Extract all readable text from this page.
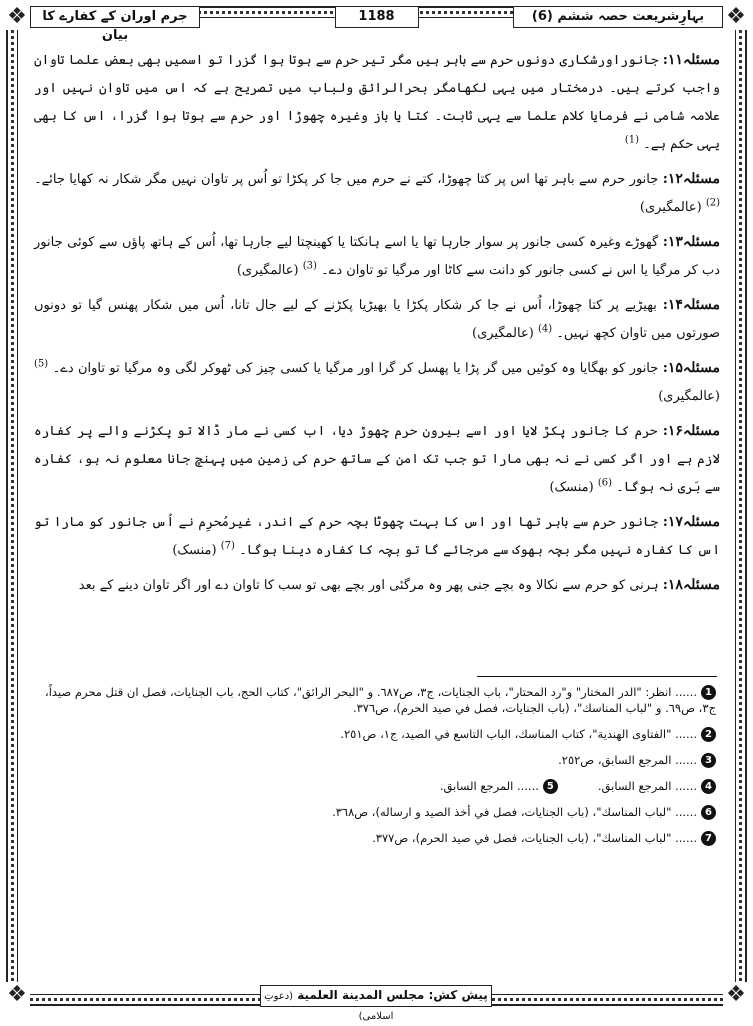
❖	❖
❖	❖
بہارِشریعت حصہ ششم (6)
1188
جرم اوران کے کفارے کا بیان

مسئلہ۱۱: جانوراورشکاری دونوں حرم سے باہر ہیں مگر تیر حرم سے ہوتا ہوا گزرا تو اسمیں بھی بعض علما تاوان واجب کرتے ہیں۔ درمختار میں یہی لکھامگر بحرالرائق ولباب میں تصریح ہے کہ اس میں تاوان نہیں اور علامہ شامی نے فرمایا کلام علما سے یہی ثابت۔ کتا یا باز وغیرہ چھوڑا اور حرم سے ہوتا ہوا گزرا، اس کا بھی یہی حکم ہے۔ $^{(1)}$

مسئلہ۱۲: جانور حرم سے باہر تھا اس پر کتا چھوڑا، کتے نے حرم میں جا کر پکڑا تو اُس پر تاوان نہیں مگر شکار نہ کھایا جائے۔ $^{(2)}$ (عالمگیری)

مسئلہ۱۳: گھوڑے وغیرہ کسی جانور پر سوار جارہا تھا یا اسے ہانکتا یا کھینچتا لیے جارہا تھا، اُس کے ہاتھ پاؤں سے کوئی جانور دب کر مرگیا یا اس نے کسی جانور کو دانت سے کاٹا اور مرگیا تو تاوان دے۔ $^{(3)}$ (عالمگیری)

مسئلہ۱۴: بھیڑیے پر کتا چھوڑا، اُس نے جا کر شکار پکڑا یا بھیڑیا پکڑنے کے لیے جال تانا، اُس میں شکار پھنس گیا تو دونوں صورتوں میں تاوان کچھ نہیں۔ $^{(4)}$ (عالمگیری)

مسئلہ۱۵: جانور کو بھگایا وہ کوئیں میں گر پڑا یا پھسل کر گرا اور مرگیا یا کسی چیز کی ٹھوکر لگی وہ مرگیا تو تاوان دے۔ $^{(5)}$ (عالمگیری)

مسئلہ۱۶: حرم کا جانور پکڑ لایا اور اسے بیرون حرم چھوڑ دیا، اب کسی نے مار ڈالا تو پکڑنے والے پر کفارہ لازم ہے اور اگر کسی نے نہ بھی مارا تو جب تک امن کے ساتھ حرم کی زمین میں پہنچ جانا معلوم نہ ہو، کفارہ سے بَری نہ ہوگا۔ $^{(6)}$ (منسک)

مسئلہ۱۷: جانور حرم سے باہر تھا اور اس کا بہت چھوٹا بچہ حرم کے اندر، غیرمُحرِم نے اُس جانور کو مارا تو اس کا کفارہ نہیں مگر بچہ بھوک سے مرجائے گا تو بچہ کا کفارہ دینا ہوگا۔ $^{(7)}$ (منسک)

مسئلہ۱۸: ہرنی کو حرم سے نکالا وہ بچے جنی پھر وہ مرگئی اور بچے بھی تو سب کا تاوان دے اور اگر تاوان دینے کے بعد

1...... انظر: "الدر المختار" و"رد المحتار"، باب الجنايات، ج٣، ص٦٨٧. و "البحر الرائق"، كتاب الحج، باب الجنايات، فصل ان قتل محرم صيداً، ج٣، ص٦٩. و "لباب المناسك"، (باب الجنايات، فصل في صيد الحرم)، ص٣٧٦.

2...... "الفتاوى الهندية"، كتاب المناسك، الباب التاسع في الصيد، ج١، ص٢٥١.

3...... المرجع السابق، ص٢٥٢.

4...... المرجع السابق.
5...... المرجع السابق.

6...... "لباب المناسك"، (باب الجنايات، فصل في أخذ الصيد و ارساله)، ص٣٦٨.

7...... "لباب المناسك"، (باب الجنايات، فصل في صيد الحرم)، ص٣٧٧.

پیش کش: مجلس المدينة العلمية (دعوتِ اسلامی)
